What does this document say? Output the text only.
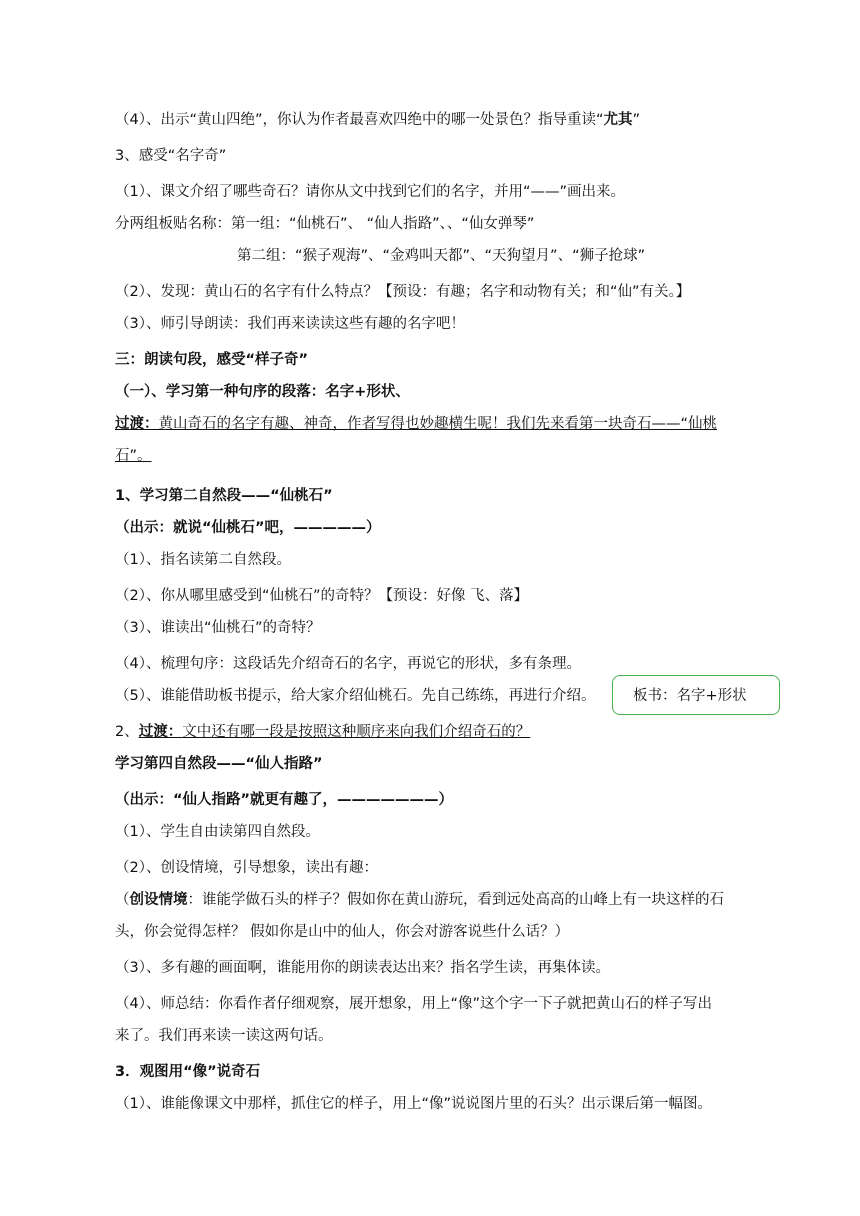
（4）、出示“黄山四绝”，你认为作者最喜欢四绝中的哪一处景色？指导重读“尤其”
3、感受“名字奇”
（1）、课文介绍了哪些奇石？请你从文中找到它们的名字，并用“——”画出来。
分两组板贴名称：第一组：“仙桃石”、 “仙人指路”、、“仙女弹琴”
第二组：“猴子观海”、“金鸡叫天都”、“天狗望月”、“狮子抢球”
（2）、发现：黄山石的名字有什么特点？【预设：有趣；名字和动物有关；和“仙”有关。】
（3）、师引导朗读：我们再来读读这些有趣的名字吧！
三：朗读句段，感受“样子奇”
（一）、学习第一种句序的段落：名字+形状、
过渡：黄山奇石的名字有趣、神奇，作者写得也妙趣横生呢！我们先来看第一块奇石——“仙桃
石”。
1、学习第二自然段——“仙桃石”
（出示：就说“仙桃石”吧，—————）
（1）、指名读第二自然段。
（2）、你从哪里感受到“仙桃石”的奇特？【预设：好像 飞、落】
（3）、谁读出“仙桃石”的奇特？
（4）、梳理句序：这段话先介绍奇石的名字，再说它的形状，多有条理。
（5）、谁能借助板书提示，给大家介绍仙桃石。先自己练练，再进行介绍。	板书：名字+形状
2、过渡：文中还有哪一段是按照这种顺序来向我们介绍奇石的？
学习第四自然段——“仙人指路”
（出示：“仙人指路”就更有趣了，———————）
（1）、学生自由读第四自然段。
（2）、创设情境，引导想象，读出有趣：
（创设情境：谁能学做石头的样子？假如你在黄山游玩，看到远处高高的山峰上有一块这样的石
头，你会觉得怎样？ 假如你是山中的仙人，你会对游客说些什么话？）
（3）、多有趣的画面啊，谁能用你的朗读表达出来？指名学生读，再集体读。
（4）、师总结：你看作者仔细观察，展开想象，用上“像”这个字一下子就把黄山石的样子写出
来了。我们再来读一读这两句话。
3．观图用“像”说奇石
（1）、谁能像课文中那样，抓住它的样子，用上“像”说说图片里的石头？出示课后第一幅图。
